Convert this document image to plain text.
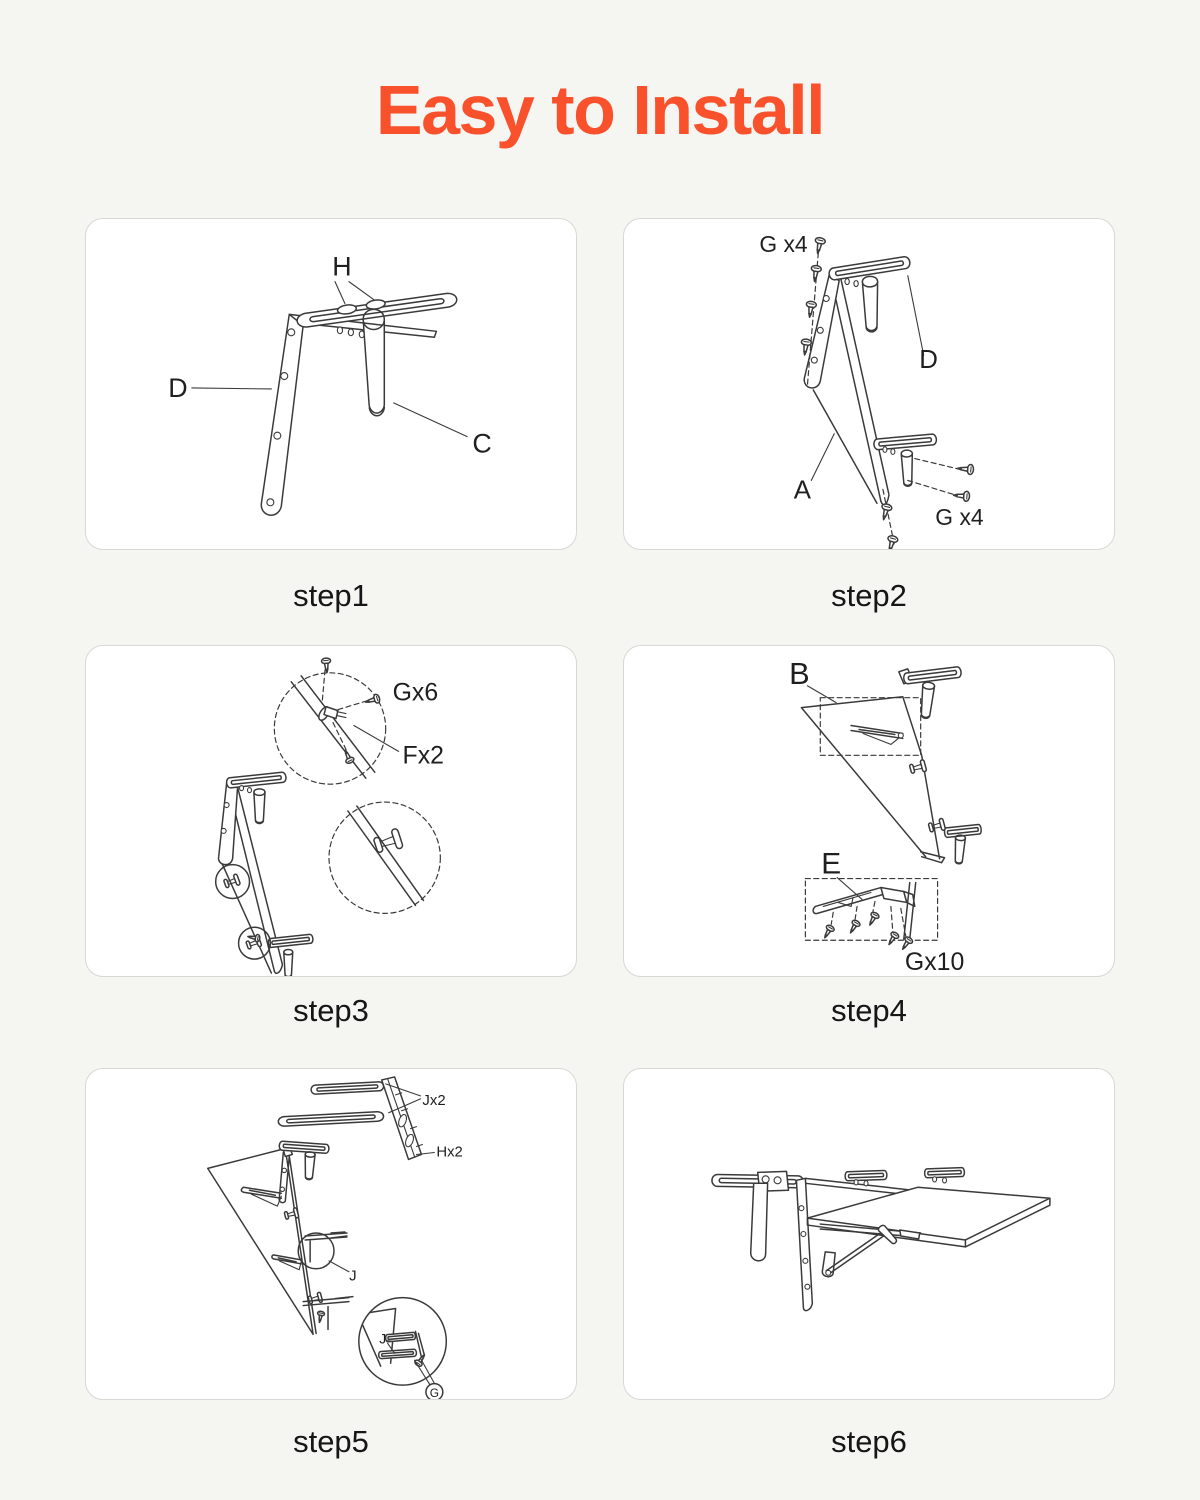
Easy to Install
H
D
C
G x4
D
A
G x4
Gx6
Fx2
B
E
Gx10
Jx2
Hx2
J
J
G
step1	step2
step3	step4
step5	step6
